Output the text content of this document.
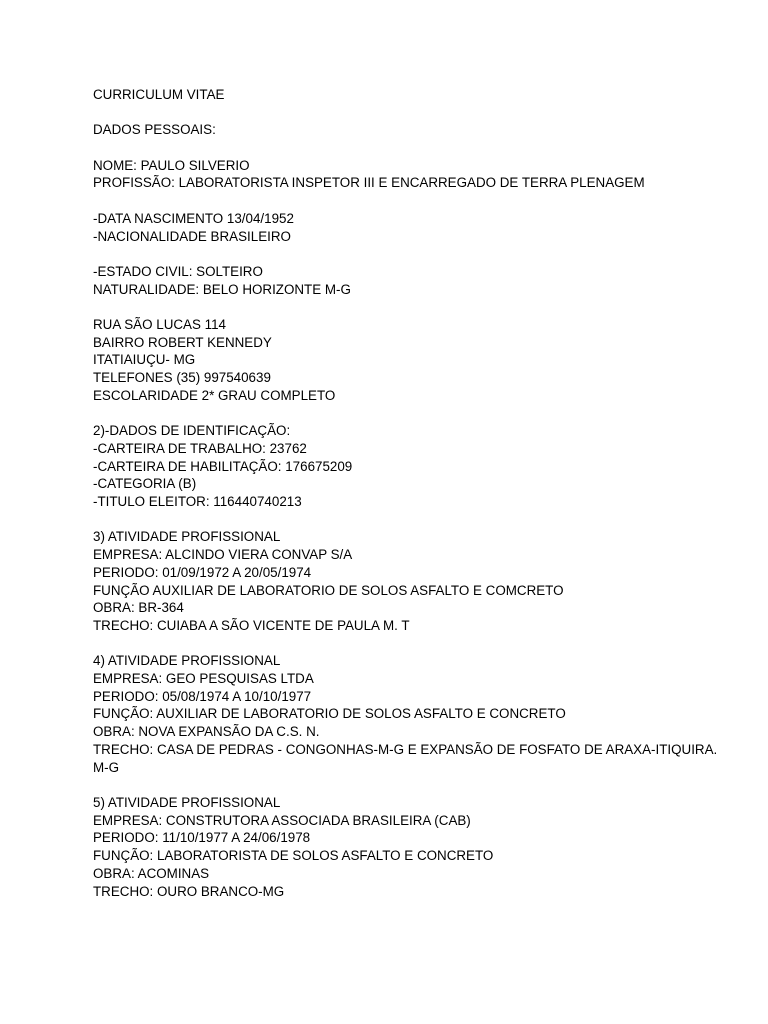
CURRICULUM VITAE
DADOS PESSOAIS:
NOME: PAULO SILVERIO
PROFISSÃO: LABORATORISTA INSPETOR III E ENCARREGADO DE TERRA PLENAGEM
-DATA NASCIMENTO 13/04/1952
-NACIONALIDADE BRASILEIRO
-ESTADO CIVIL: SOLTEIRO
NATURALIDADE: BELO HORIZONTE M-G
RUA SÃO LUCAS 114
BAIRRO ROBERT KENNEDY
ITATIAIUÇU- MG
TELEFONES (35) 997540639
ESCOLARIDADE 2* GRAU COMPLETO
2)-DADOS DE IDENTIFICAÇÃO:
-CARTEIRA DE TRABALHO: 23762
-CARTEIRA DE HABILITAÇÃO: 176675209
-CATEGORIA (B)
-TITULO ELEITOR: 116440740213
3) ATIVIDADE PROFISSIONAL
EMPRESA: ALCINDO VIERA CONVAP S/A
PERIODO: 01/09/1972 A 20/05/1974
FUNÇÃO AUXILIAR DE LABORATORIO DE SOLOS ASFALTO E COMCRETO
OBRA: BR-364
TRECHO: CUIABA A SÃO VICENTE DE PAULA M. T
4) ATIVIDADE PROFISSIONAL
EMPRESA: GEO PESQUISAS LTDA
PERIODO: 05/08/1974 A 10/10/1977
FUNÇÃO: AUXILIAR DE LABORATORIO DE SOLOS ASFALTO E CONCRETO
OBRA: NOVA EXPANSÃO DA C.S. N.
TRECHO: CASA DE PEDRAS - CONGONHAS-M-G E EXPANSÃO DE FOSFATO DE ARAXA-ITIQUIRA. M-G
5) ATIVIDADE PROFISSIONAL
EMPRESA: CONSTRUTORA ASSOCIADA BRASILEIRA (CAB)
PERIODO: 11/10/1977 A 24/06/1978
FUNÇÃO: LABORATORISTA DE SOLOS ASFALTO E CONCRETO
OBRA: ACOMINAS
TRECHO: OURO BRANCO-MG
